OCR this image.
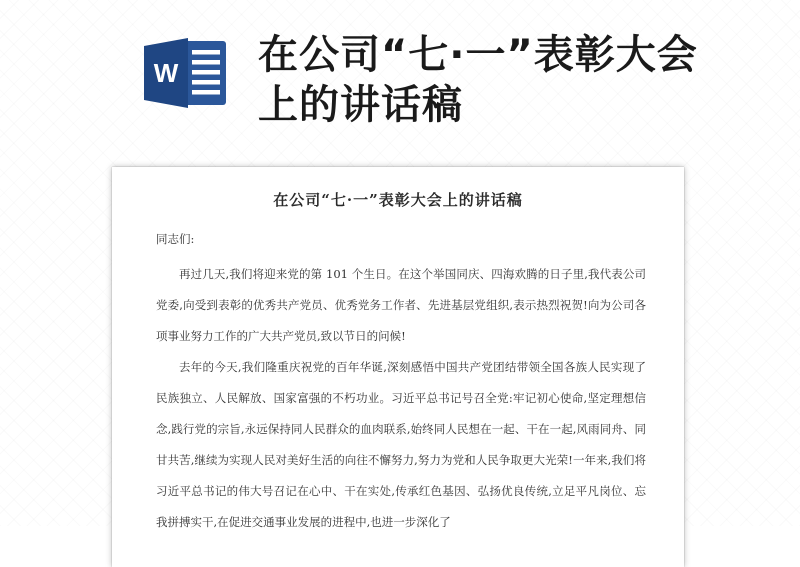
W 在公司“七·一”表彰大会上的讲话稿
在公司“七·一”表彰大会上的讲话稿

同志们:

再过几天,我们将迎来党的第 101 个生日。在这个举国同庆、四海欢腾的日子里,我代表公司党委,向受到表彰的优秀共产党员、优秀党务工作者、先进基层党组织,表示热烈祝贺!向为公司各项事业努力工作的广大共产党员,致以节日的问候!

去年的今天,我们隆重庆祝党的百年华诞,深刻感悟中国共产党团结带领全国各族人民实现了民族独立、人民解放、国家富强的不朽功业。习近平总书记号召全党:牢记初心使命,坚定理想信念,践行党的宗旨,永远保持同人民群众的血肉联系,始终同人民想在一起、干在一起,风雨同舟、同甘共苦,继续为实现人民对美好生活的向往不懈努力,努力为党和人民争取更大光荣!一年来,我们将习近平总书记的伟大号召记在心中、干在实处,传承红色基因、弘扬优良传统,立足平凡岗位、忘我拼搏实干,在促进交通事业发展的进程中,也进一步深化了
